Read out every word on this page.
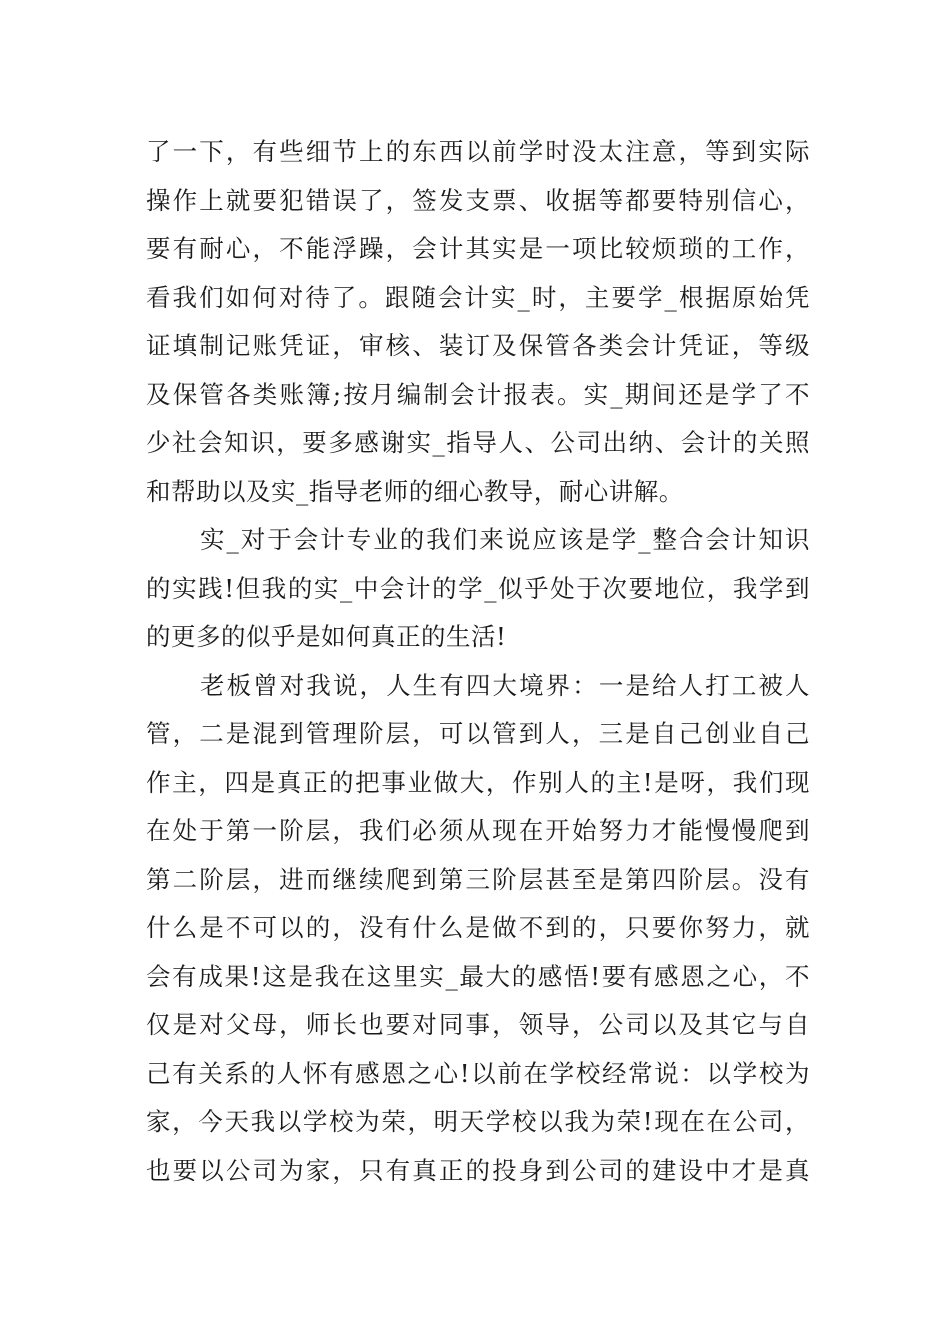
了一下，有些细节上的东西以前学时没太注意，等到实际
操作上就要犯错误了，签发支票、收据等都要特别信心，
要有耐心，不能浮躁，会计其实是一项比较烦琐的工作，
看我们如何对待了。跟随会计实_时，主要学_根据原始凭
证填制记账凭证，审核、装订及保管各类会计凭证，等级
及保管各类账簿;按月编制会计报表。实_期间还是学了不
少社会知识，要多感谢实_指导人、公司出纳、会计的关照
和帮助以及实_指导老师的细心教导，耐心讲解。
实_对于会计专业的我们来说应该是学_整合会计知识
的实践!但我的实_中会计的学_似乎处于次要地位，我学到
的更多的似乎是如何真正的生活!
老板曾对我说，人生有四大境界：一是给人打工被人
管，二是混到管理阶层，可以管到人，三是自己创业自己
作主，四是真正的把事业做大，作别人的主!是呀，我们现
在处于第一阶层，我们必须从现在开始努力才能慢慢爬到
第二阶层，进而继续爬到第三阶层甚至是第四阶层。没有
什么是不可以的，没有什么是做不到的，只要你努力，就
会有成果!这是我在这里实_最大的感悟!要有感恩之心，不
仅是对父母，师长也要对同事，领导，公司以及其它与自
己有关系的人怀有感恩之心!以前在学校经常说：以学校为
家，今天我以学校为荣，明天学校以我为荣!现在在公司，
也要以公司为家，只有真正的投身到公司的建设中才是真
